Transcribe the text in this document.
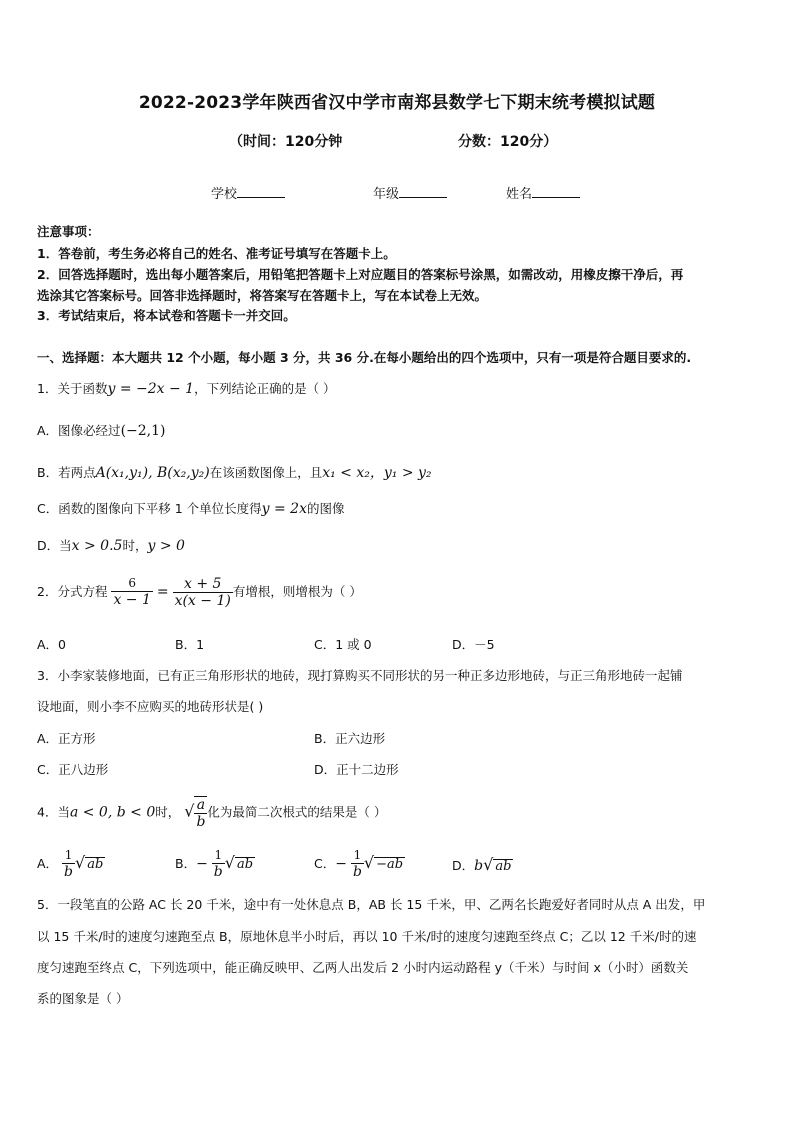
2022-2023学年陕西省汉中学市南郑县数学七下期末统考模拟试题
（时间：120分钟	分数：120分）
学校	年级	姓名
注意事项：
1．答卷前，考生务必将自己的姓名、准考证号填写在答题卡上。
2．回答选择题时，选出每小题答案后，用铅笔把答题卡上对应题目的答案标号涂黑，如需改动，用橡皮擦干净后，再
选涂其它答案标号。回答非选择题时，将答案写在答题卡上，写在本试卷上无效。
3．考试结束后，将本试卷和答题卡一并交回。
一、选择题：本大题共 12 个小题，每小题 3 分，共 36 分.在每小题给出的四个选项中，只有一项是符合题目要求的.
1．关于函数y = −2x − 1，下列结论正确的是（ ）
A．图像必经过(−2,1)
B．若两点A(x₁,y₁), B(x₂,y₂)在该函数图像上，且x₁ < x₂，y₁ > y₂
C．函数的图像向下平移 1 个单位长度得y = 2x的图像
D．当x > 0.5时，y > 0
2．分式方程 $\frac{6}{x - 1} = \frac{x + 5}{x(x - 1)}$ 有增根，则增根为（ ）
A．0	B．1	C．1 或 0	D．－5
3．小李家装修地面，已有正三角形形状的地砖，现打算购买不同形状的另一种正多边形地砖，与正三角形地砖一起铺
设地面，则小李不应购买的地砖形状是( )
A．正方形	B．正六边形
C．正八边形	D．正十二边形
4．当a < 0, b < 0时， √ $\frac{a}{b}$ 化为最简二次根式的结果是（ ）
A． $\frac{1}{b}$ √ ab	B．− $\frac{1}{b}$ √ ab	C．− $\frac{1}{b}$ √ −ab	D．b√ ab
5．一段笔直的公路 AC 长 20 千米，途中有一处休息点 B，AB 长 15 千米，甲、乙两名长跑爱好者同时从点 A 出发，甲
以 15 千米/时的速度匀速跑至点 B，原地休息半小时后，再以 10 千米/时的速度匀速跑至终点 C；乙以 12 千米/时的速
度匀速跑至终点 C，下列选项中，能正确反映甲、乙两人出发后 2 小时内运动路程 y（千米）与时间 x（小时）函数关
系的图象是（ ）
